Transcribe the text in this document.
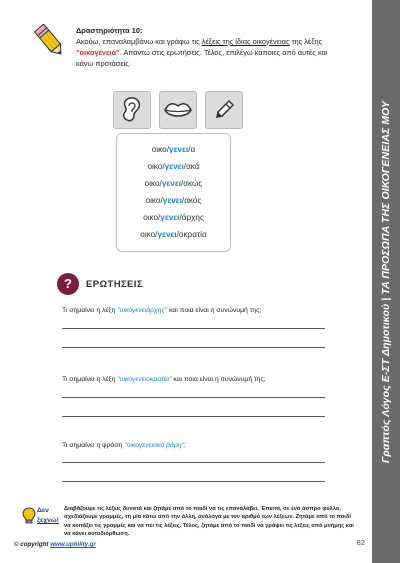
Δραστηριότητα 10:
Ακούω, επαναλαμβάνω και γράφω τις λέξεις της ίδιας οικογένειας της λέξης "οικογένεια". Απαντώ στις ερωτήσεις. Τέλος, επιλέγω κάποιες από αυτές και κάνω προτάσεις.
οικο/γενει/α
οικο/γενει/ακά
οικο/γενει/ακώς
οικο/γενει/ακός
οικο/γενει/άρχης
οικο/γενει/οκρατία
?	ΕΡΩΤΗΣΕΙΣ
Τι σημαίνει η λέξη "οικογενειάρχης" και ποια είναι η συνώνυμή της;
Τι σημαίνει η λέξη "οικογενειοκρατία" και ποια είναι η συνώνυμή της;
Τι σημαίνει η φράση "οικογενειακά βάρη";
Δεν
ξεχνώ!
Διαβάζουμε τις λέξεις δυνατά και ζητάμε από το παιδί να τις επαναλάβει. Έπειτα, σε ένα άσπρο φύλλο, σχεδιάζουμε γραμμές, τη μία κάτω από την άλλη, ανάλογα με τον αριθμό των λέξεων. Ζητάμε από το παιδί να κοιτάξει τις γραμμές και να πει τις λέξεις. Τέλος, ζητάμε από το παιδί να γράψει τις λέξεις από μνήμης και να κάνει αυτοδιόρθωση.
© copyright www.upbility.gr	82
Γραπτός Λόγος Ε-ΣΤ Δημοτικού | ΤΑ ΠΡΟΣΩΠΑ ΤΗΣ ΟΙΚΟΓΕΝΕΙΑΣ ΜΟΥ
